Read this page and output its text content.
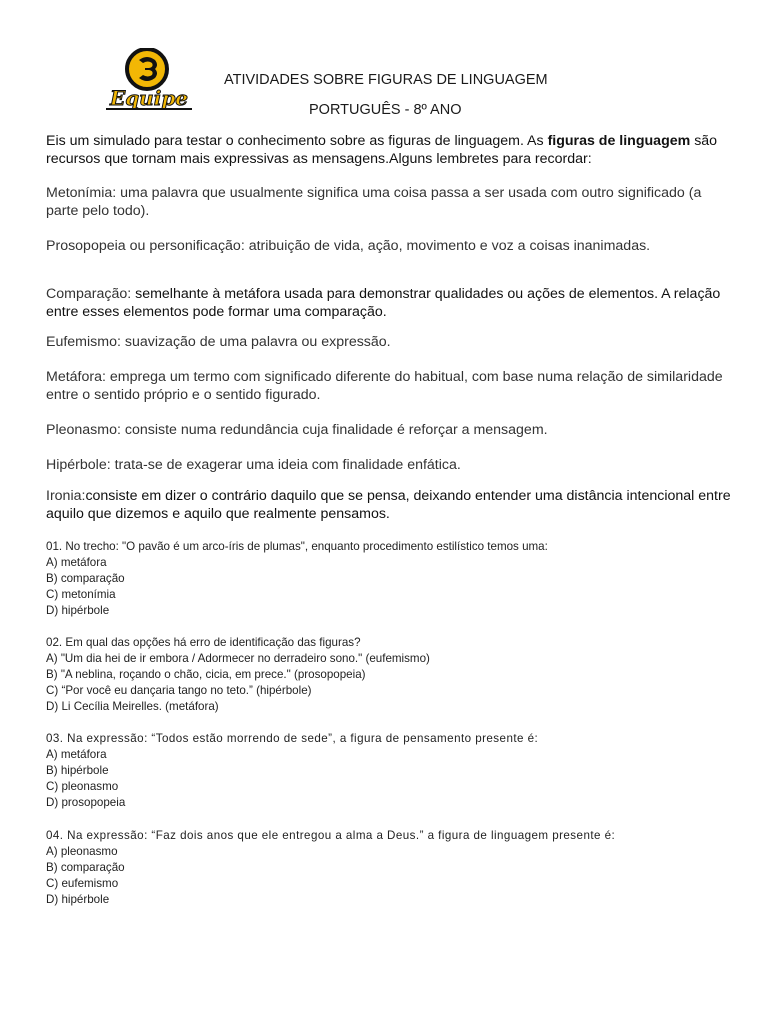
Equipe
ATIVIDADES SOBRE FIGURAS DE LINGUAGEM
PORTUGUÊS - 8º ANO

Eis um simulado para testar o conhecimento sobre as figuras de linguagem. As figuras de linguagem são recursos que tornam mais expressivas as mensagens.Alguns lembretes para recordar:

Metonímia: uma palavra que usualmente significa uma coisa passa a ser usada com outro significado (a parte pelo todo).

Prosopopeia ou personificação: atribuição de vida, ação, movimento e voz a coisas inanimadas.

Comparação: semelhante à metáfora usada para demonstrar qualidades ou ações de elementos. A relação entre esses elementos pode formar uma comparação.

Eufemismo: suavização de uma palavra ou expressão.

Metáfora: emprega um termo com significado diferente do habitual, com base numa relação de similaridade entre o sentido próprio e o sentido figurado.

Pleonasmo: consiste numa redundância cuja finalidade é reforçar a mensagem.

Hipérbole: trata-se de exagerar uma ideia com finalidade enfática.

Ironia:consiste em dizer o contrário daquilo que se pensa, deixando entender uma distância intencional entre aquilo que dizemos e aquilo que realmente pensamos.

01. No trecho: "O pavão é um arco-íris de plumas", enquanto procedimento estilístico temos uma:
A) metáfora
B) comparação
C) metonímia
D) hipérbole
02. Em qual das opções há erro de identificação das figuras?
A) "Um dia hei de ir embora / Adormecer no derradeiro sono." (eufemismo)
B) "A neblina, roçando o chão, cicia, em prece." (prosopopeia)
C) “Por você eu dançaria tango no teto.” (hipérbole)
D) Li Cecília Meirelles. (metáfora)
03. Na expressão: “Todos estão morrendo de sede”, a figura de pensamento presente é:
A) metáfora
B) hipérbole
C) pleonasmo
D) prosopopeia
04. Na expressão: “Faz dois anos que ele entregou a alma a Deus.” a figura de linguagem presente é:
A) pleonasmo
B) comparação
C) eufemismo
D) hipérbole
